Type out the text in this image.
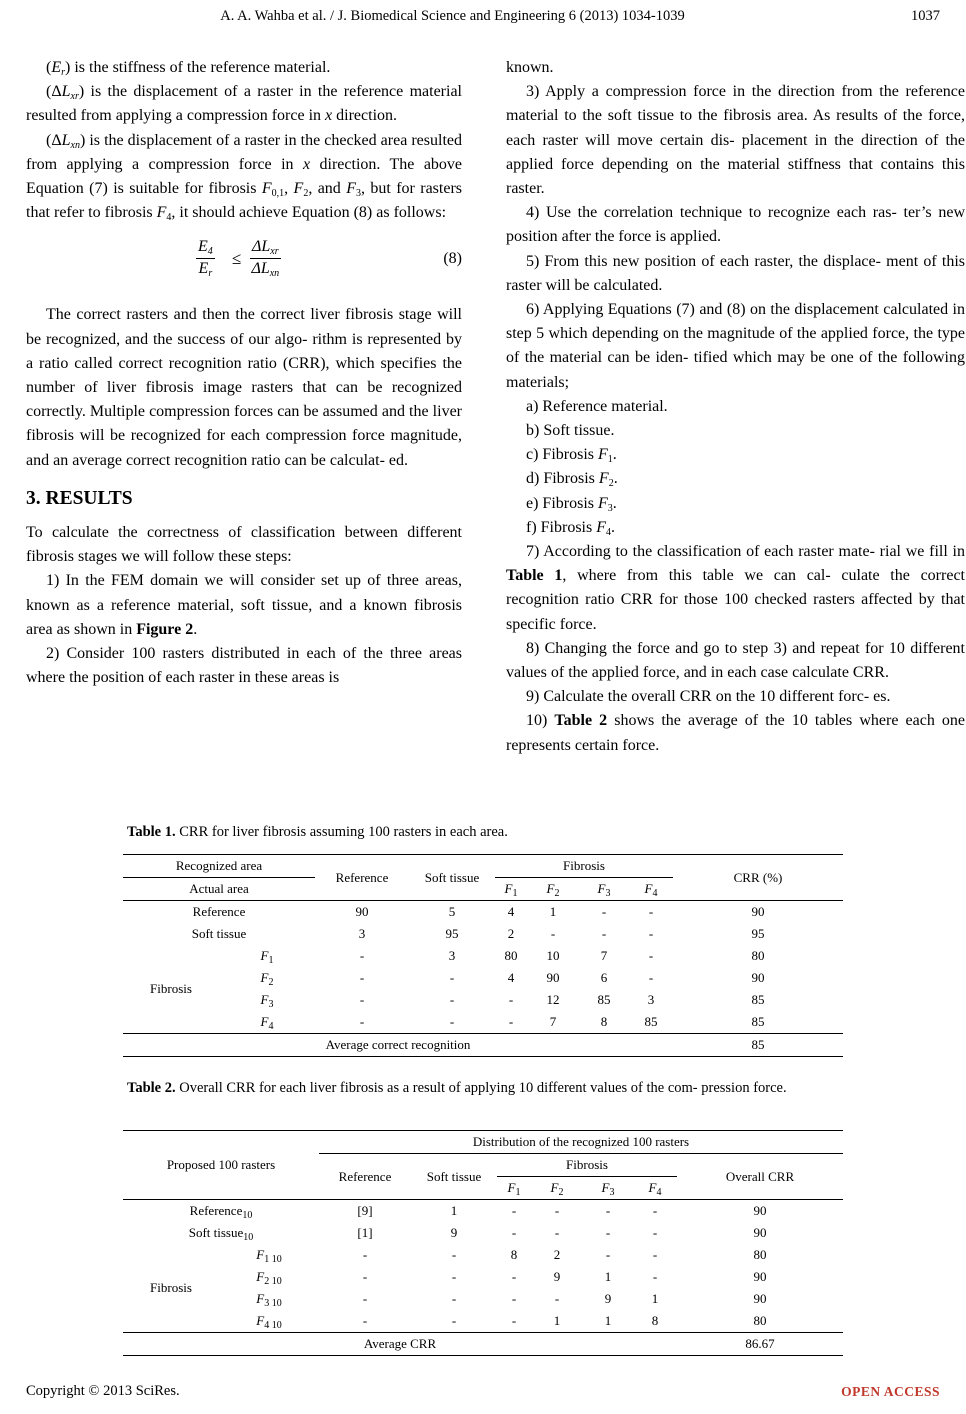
A. A. Wahba et al. / J. Biomedical Science and Engineering 6 (2013) 1034-1039	1037

$(E_r)$ is the stiffness of the reference material.

$(\Delta L_{xr})$ is the displacement of a raster in the reference material resulted from applying a compression force in x direction.

$(\Delta L_{xn})$ is the displacement of a raster in the checked area resulted from applying a compression force in x direction. The above Equation (7) is suitable for fibrosis $F_{0,1}$, $F_2$, and $F_3$, but for rasters that refer to fibrosis $F_4$, it should achieve Equation (8) as follows:

$\frac{E_4}{E_r}$ ≤
$\Delta L_{xr}$
$\Delta L_{xn}$
(8)

The correct rasters and then the correct liver fibrosis stage will be recognized, and the success of our algo- rithm is represented by a ratio called correct recognition ratio (CRR), which specifies the number of liver fibrosis image rasters that can be recognized correctly. Multiple compression forces can be assumed and the liver fibrosis will be recognized for each compression force magnitude, and an average correct recognition ratio can be calculat- ed.

3. RESULTS

To calculate the correctness of classification between different fibrosis stages we will follow these steps:

1) In the FEM domain we will consider set up of three areas, known as a reference material, soft tissue, and a known fibrosis area as shown in Figure 2.

2) Consider 100 rasters distributed in each of the three areas where the position of each raster in these areas is

known.

3) Apply a compression force in the direction from the reference material to the soft tissue to the fibrosis area. As results of the force, each raster will move certain dis- placement in the direction of the applied force depending on the material stiffness that contains this raster.

4) Use the correlation technique to recognize each ras- ter’s new position after the force is applied.

5) From this new position of each raster, the displace- ment of this raster will be calculated.

6) Applying Equations (7) and (8) on the displacement calculated in step 5 which depending on the magnitude of the applied force, the type of the material can be iden- tified which may be one of the following materials;

a) Reference material.

b) Soft tissue.

c) Fibrosis $F_1$.

d) Fibrosis $F_2$.

e) Fibrosis $F_3$.

f) Fibrosis $F_4$.

7) According to the classification of each raster mate- rial we fill in Table 1, where from this table we can cal- culate the correct recognition ratio CRR for those 100 checked rasters affected by that specific force.

8) Changing the force and go to step 3) and repeat for 10 different values of the applied force, and in each case calculate CRR.

9) Calculate the overall CRR on the 10 different forc- es.

10) Table 2 shows the average of the 10 tables where each one represents certain force.

Table 1. CRR for liver fibrosis assuming 100 rasters in each area.
Recognized area		Reference	Soft tissue	Fibrosis				CRR (%)
Actual area				$F_1$	$F_2$	$F_3$	$F_4$
Reference		90	5	4	1	-	-	90
Soft tissue		3	95	2	-	-	-	95
Fibrosis	$F_1$	-	3	80	10	7	-	80
	$F_2$	-	-	4	90	6	-	90
	$F_3$	-	-	-	12	85	3	85
	$F_4$	-	-	-	7	8	85	85
Average correct recognition								85
Table 2. Overall CRR for each liver fibrosis as a result of applying 10 different values of the com- pression force.
Proposed 100 rasters		Distribution of the recognized 100 rasters						
		Reference	Soft tissue	Fibrosis				Overall CRR
				$F_1$	$F_2$	$F_3$	$F_4$
Reference$_{10}$		[9]	1	-	-	-	-	90
Soft tissue$_{10}$		[1]	9	-	-	-	-	90
Fibrosis	$F_{1 10}$	-	-	8	2	-	-	80
	$F_{2 10}$	-	-	-	9	1	-	90
	$F_{3 10}$	-	-	-	-	9	1	90
	$F_{4 10}$	-	-	-	1	1	8	80
Average CRR								86.67
Copyright © 2013 SciRes.	OPEN ACCESS
